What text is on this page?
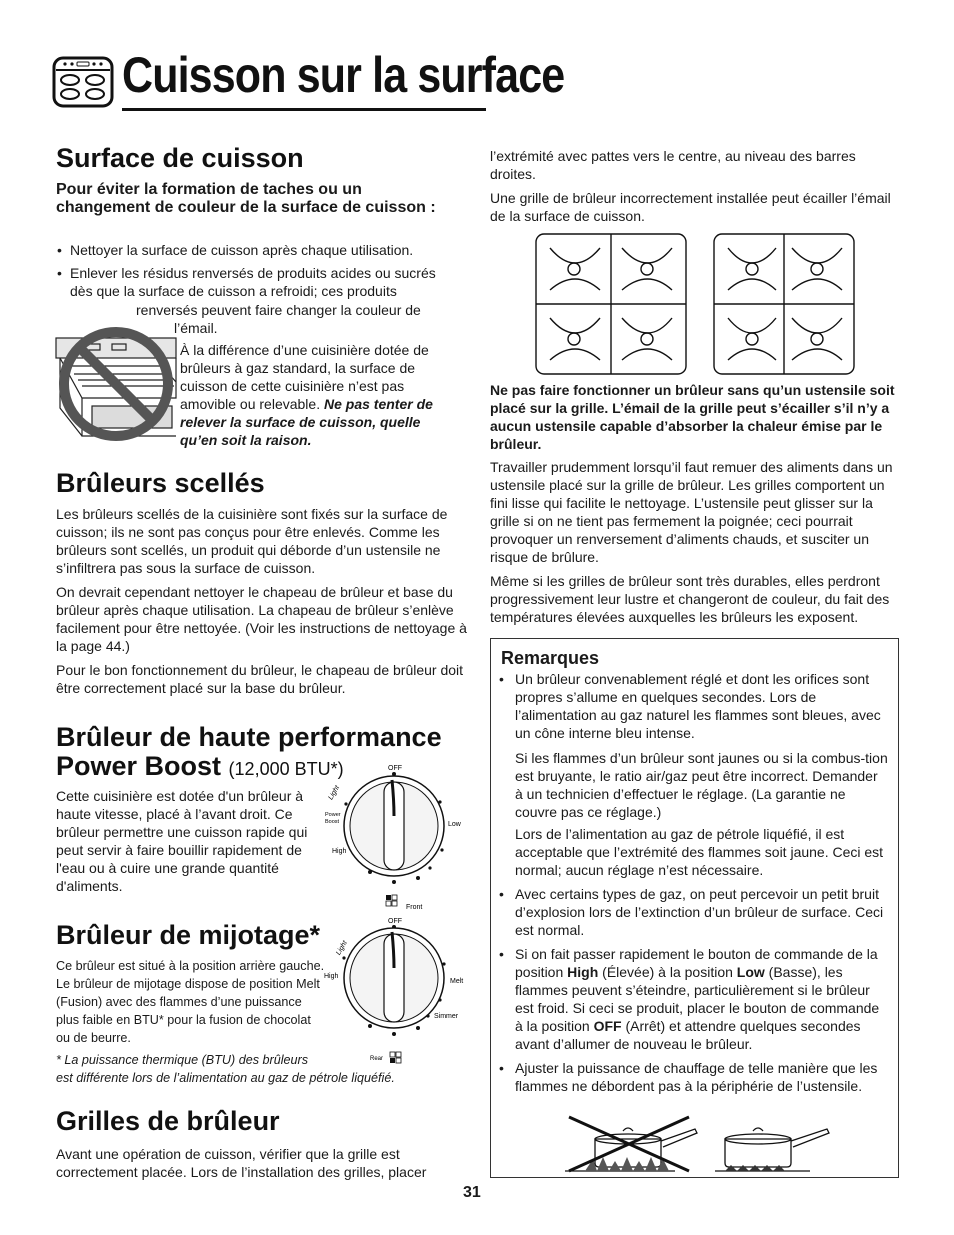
Cuisson sur la surface
Surface de cuisson
Pour éviter la formation de taches ou un changement de couleur de la surface de cuisson :
• Nettoyer la surface de cuisson après chaque utilisation.
• Enlever les résidus renversés de produits acides ou sucrés
dès que la surface de cuisson a refroidi; ces produits

renversés peuvent faire changer la couleur de

l’émail.

À la différence d’une cuisinière dotée de brûleurs à gaz standard, la surface de cuisson de cette cuisinière n’est pas amovible ou relevable. Ne pas tenter de relever la surface de cuisson, quelle qu’en soit la raison.

Brûleurs scellés

Les brûleurs scellés de la cuisinière sont fixés sur la surface de cuisson; ils ne sont pas conçus pour être enlevés. Comme les brûleurs sont scellés, un produit qui déborde d’un ustensile ne s’infiltrera pas sous la surface de cuisson.

On devrait cependant nettoyer le chapeau de brûleur et base du brûleur après chaque utilisation. La chapeau de brûleur s’enlève facilement pour être nettoyée. (Voir les instructions de nettoyage à la page 44.)

Pour le bon fonctionnement du brûleur, le chapeau de brûleur doit être correctement placé sur la base du brûleur.

Brûleur de haute performance
Power Boost (12,000 BTU*)

Cette cuisinière est dotée d'un brûleur à haute vitesse, placé à l’avant droit. Ce brûleur permettre une cuisson rapide qui peut servir à faire bouillir rapidement de l'eau ou à cuire une grande quantité d'aliments.

OFF
Light
Power
Boost	Low
High
Brûleur de mijotage*

Ce brûleur est situé à la position arrière gauche. Le brûleur de mijotage dispose de position Melt (Fusion) avec des flammes d’une puissance plus faible en BTU* pour la fusion de chocolat ou de beurre.

* La puissance thermique (BTU) des brûleurs

est différente lors de l’alimentation au gaz de pétrole liquéfié.

Front
OFF
Light
High
Melt
Simmer
Rear
Grilles de brûleur

Avant une opération de cuisson, vérifier que la grille est correctement placée. Lors de l’installation des grilles, placer

l’extrémité avec pattes vers le centre, au niveau des barres droites.

Une grille de brûleur incorrectement installée peut écailler l’émail de la surface de cuisson.

Ne pas faire fonctionner un brûleur sans qu’un ustensile soit placé sur la grille. L’émail de la grille peut s’écailler s’il n’y a aucun ustensile capable d’absorber la chaleur émise par le brûleur.

Travailler prudemment lorsqu’il faut remuer des aliments dans un ustensile placé sur la grille de brûleur. Les grilles comportent un fini lisse qui facilite le nettoyage. L’ustensile peut glisser sur la grille si on ne tient pas fermement la poignée; ceci pourrait provoquer un renversement d’aliments chauds, et susciter un risque de brûlure.

Même si les grilles de brûleur sont très durables, elles perdront progressivement leur lustre et changeront de couleur, du fait des températures élevées auxquelles les brûleurs les exposent.

Remarques
• Un brûleur convenablement réglé et dont les orifices sont propres s’allume en quelques secondes. Lors de l’alimentation au gaz naturel les flammes sont bleues, avec un cône interne bleu intense.

Si les flammes d’un brûleur sont jaunes ou si la combus-tion est bruyante, le ratio air/gaz peut être incorrect. Demander à un technicien d’effectuer le réglage. (La garantie ne couvre pas ce réglage.)

Lors de l’alimentation au gaz de pétrole liquéfié, il est acceptable que l’extrémité des flammes soit jaune. Ceci est normal; aucun réglage n’est nécessaire.

• Avec certains types de gaz, on peut percevoir un petit bruit d’explosion lors de l’extinction d’un brûleur de surface. Ceci est normal.
• Si on fait passer rapidement le bouton de commande de la position High (Élevée) à la position Low (Basse), les flammes peuvent s’éteindre, particulièrement si le brûleur est froid. Si ceci se produit, placer le bouton de commande à la position OFF (Arrêt) et attendre quelques secondes avant d’allumer de nouveau le brûleur.
• Ajuster la puissance de chauffage de telle manière que les flammes ne débordent pas à la périphérie de l’ustensile.
31
